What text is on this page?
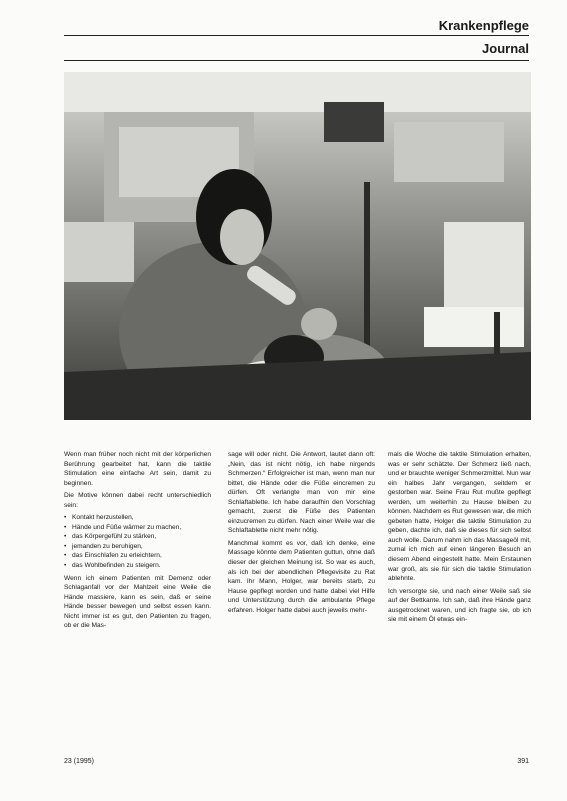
Krankenpflege
Journal

Wenn man früher noch nicht mit der körperlichen Berührung gearbeitet hat, kann die taktile Stimulation eine einfache Art sein, damit zu beginnen.

Die Motive können dabei recht unterschiedlich sein:

• Kontakt herzustellen,
• Hände und Füße wärmer zu machen,
• das Körpergefühl zu stärken,
• jemanden zu beruhigen,
• das Einschlafen zu erleichtern,
• das Wohlbefinden zu steigern.

Wenn ich einem Patienten mit Demenz oder Schlaganfall vor der Mahlzeit eine Weile die Hände massiere, kann es sein, daß er seine Hände besser bewegen und selbst essen kann. Nicht immer ist es gut, den Patienten zu fragen, ob er die Mas-

sage will oder nicht. Die Antwort, lautet dann oft: „Nein, das ist nicht nötig, ich habe nirgends Schmerzen.“ Erfolgreicher ist man, wenn man nur bittet, die Hände oder die Füße eincremen zu dürfen. Oft verlangte man von mir eine Schlaftablette. Ich habe daraufhin den Vorschlag gemacht, zuerst die Füße des Patienten einzucremen zu dürfen. Nach einer Weile war die Schlaftablette nicht mehr nötig.

Manchmal kommt es vor, daß ich denke, eine Massage könnte dem Patienten guttun, ohne daß dieser der gleichen Meinung ist. So war es auch, als ich bei der abendlichen Pflegevisite zu Rat kam. Ihr Mann, Holger, war bereits starb, zu Hause gepflegt worden und hatte dabei viel Hilfe und Unterstützung durch die ambulante Pflege erfahren. Holger hatte dabei auch jeweils mehr-

mals die Woche die taktile Stimulation erhalten, was er sehr schätzte. Der Schmerz ließ nach, und er brauchte weniger Schmerzmittel. Nun war ein halbes Jahr vergangen, seitdem er gestorben war. Seine Frau Rut mußte gepflegt werden, um weiterhin zu Hause bleiben zu können. Nachdem es Rut gewesen war, die mich gebeten hatte, Holger die taktile Stimulation zu geben, dachte ich, daß sie dieses für sich selbst auch wolle. Darum nahm ich das Massageöl mit, zumal ich mich auf einen längeren Besuch an diesem Abend eingestellt hatte. Mein Erstaunen war groß, als sie für sich die taktile Stimulation ablehnte.

Ich versorgte sie, und nach einer Weile saß sie auf der Bettkante. Ich sah, daß ihre Hände ganz ausgetrocknet waren, und ich fragte sie, ob ich sie mit einem Öl etwas ein-

23 (1995)	391
